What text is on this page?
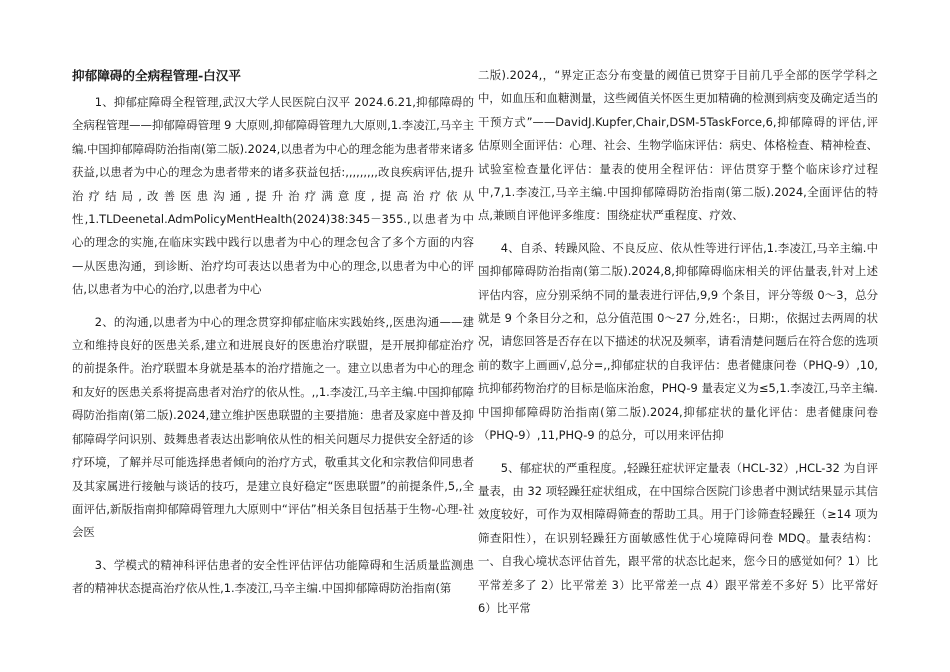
抑郁障碍的全病程管理-白汉平

1、抑郁症障碍全程管理,武汉大学人民医院白汉平 2024.6.21,抑郁障碍的全病程管理——抑郁障碍管理 9 大原则,抑郁障碍管理九大原则,1.李凌江,马辛主编.中国抑郁障碍防治指南(第二版).2024,以患者为中心的理念能为患者带来诸多获益,以患者为中心的理念为患者带来的诸多获益包括:,,,,,,,,,改良疾病评估,提升治疗结局,改善医患沟通,提升治疗满意度,提高治疗依从性,1.TLDeenetal.AdmPolicyMentHealth(2024)38:345－355.,以患者为中心的理念的实施,在临床实践中践行以患者为中心的理念包含了多个方面的内容—从医患沟通，到诊断、治疗均可表达以患者为中心的理念,以患者为中心的评估,以患者为中心的治疗,以患者为中心

2、的沟通,以患者为中心的理念贯穿抑郁症临床实践始终,,医患沟通——建立和维持良好的医患关系,建立和进展良好的医患治疗联盟，是开展抑郁症治疗的前提条件。治疗联盟本身就是基本的治疗措施之一。建立以患者为中心的理念和友好的医患关系将提高患者对治疗的依从性。,,1.李凌江,马辛主编.中国抑郁障碍防治指南(第二版).2024,建立维护医患联盟的主要措施：患者及家庭中普及抑郁障碍学问识别、鼓舞患者表达出影响依从性的相关问题尽力提供安全舒适的诊疗环境，了解并尽可能选择患者倾向的治疗方式，敬重其文化和宗教信仰同患者及其家属进行接触与谈话的技巧，是建立良好稳定“医患联盟”的前提条件,5,,全面评估,新版指南抑郁障碍管理九大原则中“评估”相关条目包括基于生物-心理-社会医

3、学模式的精神科评估患者的安全性评估评估功能障碍和生活质量监测患者的精神状态提高治疗依从性,1.李凌江,马辛主编.中国抑郁障碍防治指南(第

二版).2024,，“界定正态分布变量的阈值已贯穿于目前几乎全部的医学学科之中，如血压和血糖测量，这些阈值关怀医生更加精确的检测到病变及确定适当的干预方式”——DavidJ.Kupfer,Chair,DSM-5TaskForce,6,抑郁障碍的评估,评估原则全面评估：心理、社会、生物学临床评估：病史、体格检查、精神检查、试验室检查量化评估：量表的使用全程评估：评估贯穿于整个临床诊疗过程中,7,1.李凌江,马辛主编.中国抑郁障碍防治指南(第二版).2024,全面评估的特点,兼顾自评他评多维度：围绕症状严重程度、疗效、

4、自杀、转躁风险、不良反应、依从性等进行评估,1.李凌江,马辛主编.中国抑郁障碍防治指南(第二版).2024,8,抑郁障碍临床相关的评估量表,针对上述评估内容，应分别采纳不同的量表进行评估,9,9 个条目，评分等级 0～3，总分就是 9 个条目分之和，总分值范围 0～27 分,姓名:，日期:，依据过去两周的状况，请您回答是否存在以下描述的状况及频率，请看清楚问题后在符合您的选项前的数字上画画√,总分=,,抑郁症状的自我评估：患者健康问卷（PHQ-9）,10,抗抑郁药物治疗的目标是临床治愈，PHQ-9 量表定义为≤5,1.李凌江,马辛主编.中国抑郁障碍防治指南(第二版).2024,抑郁症状的量化评估：患者健康问卷（PHQ-9）,11,PHQ-9 的总分，可以用来评估抑

5、郁症状的严重程度。,轻躁狂症状评定量表（HCL-32）,HCL-32 为自评量表，由 32 项轻躁狂症状组成，在中国综合医院门诊患者中测试结果显示其信效度较好，可作为双相障碍筛查的帮助工具。用于门诊筛查轻躁狂（≥14 项为筛查阳性），在识别轻躁狂方面敏感性优于心境障碍问卷 MDQ。量表结构：一、自我心境状态评估首先，跟平常的状态比起来，您今日的感觉如何？1）比平常差多了 2）比平常差 3）比平常差一点 4）跟平常差不多好 5）比平常好 6）比平常
